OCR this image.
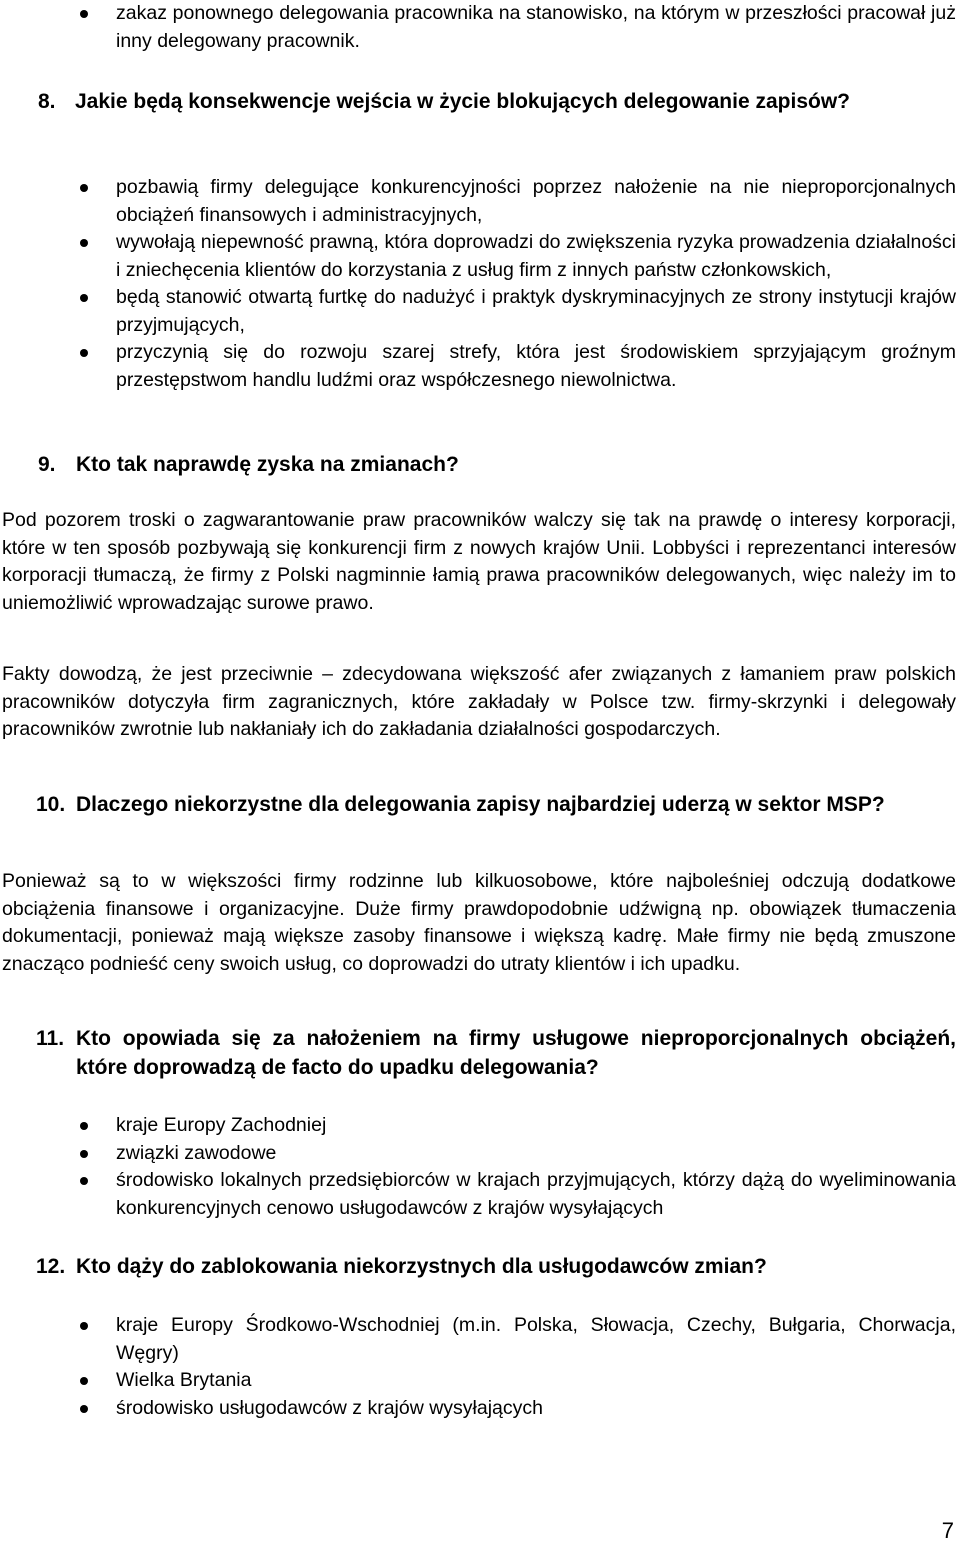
zakaz ponownego delegowania pracownika na stanowisko, na którym w przeszłości pracował już inny delegowany pracownik.
8. Jakie będą konsekwencje wejścia w życie blokujących delegowanie zapisów?
pozbawią firmy delegujące konkurencyjności poprzez nałożenie na nie nieproporcjonalnych obciążeń finansowych i administracyjnych,
wywołają niepewność prawną, która doprowadzi do zwiększenia ryzyka prowadzenia działalności i zniechęcenia klientów do korzystania z usług firm z innych państw członkowskich,
będą stanowić otwartą furtkę do nadużyć i praktyk dyskryminacyjnych ze strony instytucji krajów przyjmujących,
przyczynią się do rozwoju szarej strefy, która jest środowiskiem sprzyjającym groźnym przestępstwom handlu ludźmi oraz współczesnego niewolnictwa.
9. Kto tak naprawdę zyska na zmianach?

Pod pozorem troski o zagwarantowanie praw pracowników walczy się tak na prawdę o interesy korporacji, które w ten sposób pozbywają się konkurencji firm z nowych krajów Unii. Lobbyści i reprezentanci interesów korporacji tłumaczą, że firmy z Polski nagminnie łamią prawa pracowników delegowanych, więc należy im to uniemożliwić wprowadzając surowe prawo.

Fakty dowodzą, że jest przeciwnie – zdecydowana większość afer związanych z łamaniem praw polskich pracowników dotyczyła firm zagranicznych, które zakładały w Polsce tzw. firmy-skrzynki i delegowały pracowników zwrotnie lub nakłaniały ich do zakładania działalności gospodarczych.

10. Dlaczego niekorzystne dla delegowania zapisy najbardziej uderzą w sektor MSP?

Ponieważ są to w większości firmy rodzinne lub kilkuosobowe, które najboleśniej odczują dodatkowe obciążenia finansowe i organizacyjne. Duże firmy prawdopodobnie udźwigną np. obowiązek tłumaczenia dokumentacji, ponieważ mają większe zasoby finansowe i większą kadrę. Małe firmy nie będą zmuszone znacząco podnieść ceny swoich usług, co doprowadzi do utraty klientów i ich upadku.

11. Kto opowiada się za nałożeniem na firmy usługowe nieproporcjonalnych obciążeń, które doprowadzą de facto do upadku delegowania?
kraje Europy Zachodniej
związki zawodowe
środowisko lokalnych przedsiębiorców w krajach przyjmujących, którzy dążą do wyeliminowania konkurencyjnych cenowo usługodawców z krajów wysyłających
12. Kto dąży do zablokowania niekorzystnych dla usługodawców zmian?
kraje Europy Środkowo-Wschodniej (m.in. Polska, Słowacja, Czechy, Bułgaria, Chorwacja, Węgry)
Wielka Brytania
środowisko usługodawców z krajów wysyłających
7
